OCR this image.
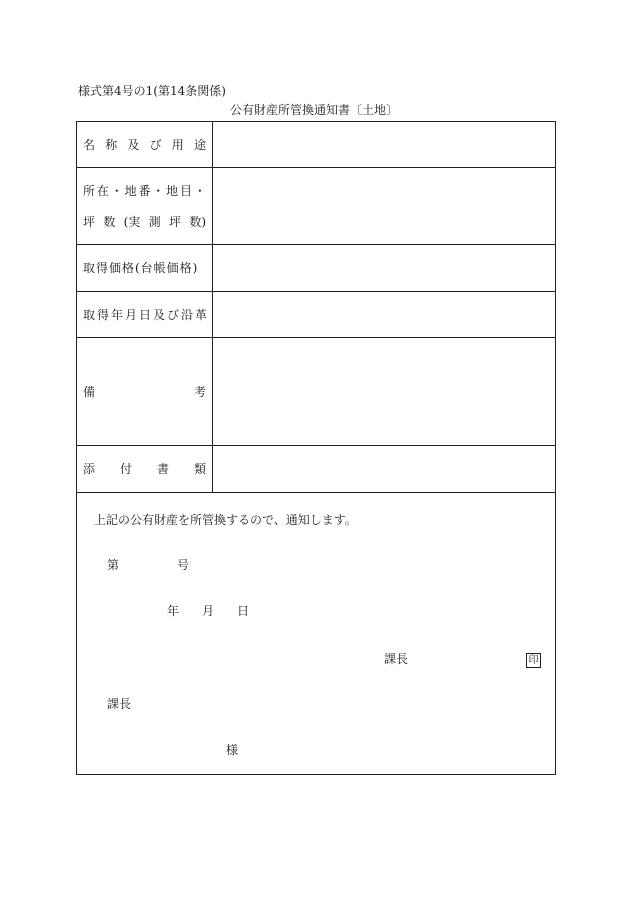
様式第4号の1(第14条関係)
公有財産所管換通知書〔土地〕
名 称 及 び 用 途
所 在 ・ 地 番 ・ 地 目 ・
坪 数 (実 測 坪 数)
取得価格(台帳価格)
取得年月日及び沿革
備	考
添 付 書 類
上記の公有財産を所管換するので、通知します。
第	号
年 月 日
課長	印
課長
様
